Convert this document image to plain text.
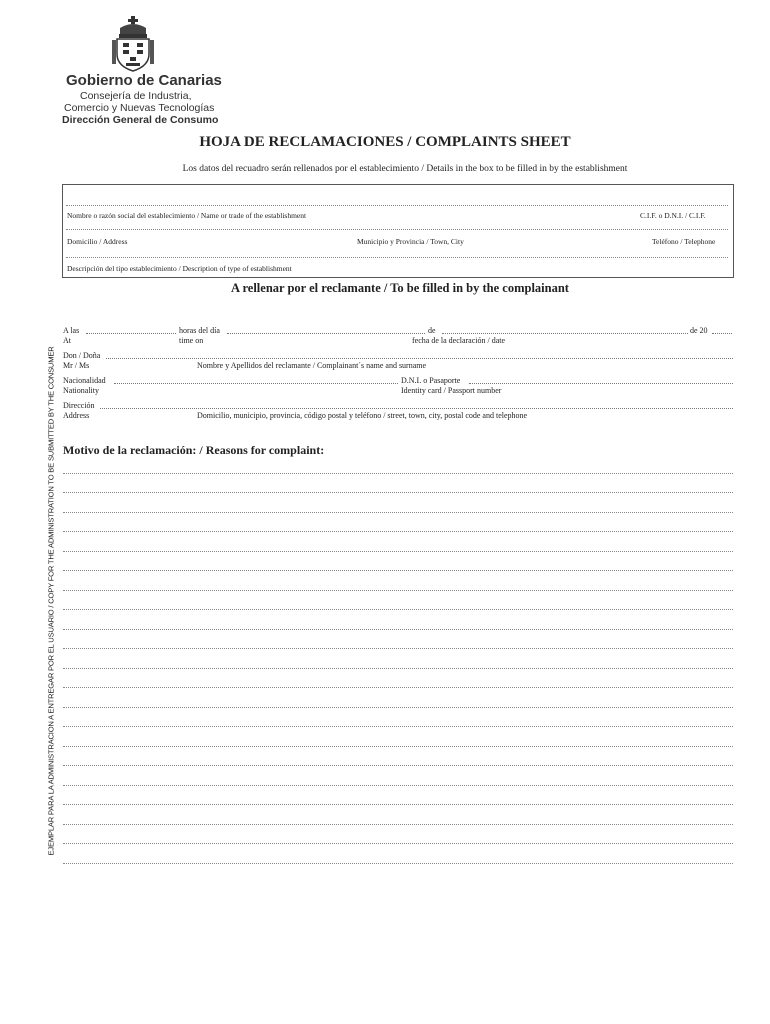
Gobierno de Canarias
Consejería de Industria,
Comercio y Nuevas Tecnologías
Dirección General de Consumo
HOJA DE RECLAMACIONES / COMPLAINTS SHEET
Los datos del recuadro serán rellenados por el establecimiento / Details in the box to be filled in by the establishment
EJEMPLAR PARA LA ADMINISTRACION A ENTREGAR POR EL USUARIO / COPY FOR THE ADMINISTRATION TO BE SUBMITTED BY THE CONSUMER
Nombre o razón social del establecimiento / Name or trade of the establishment	C.I.F. o D.N.I. / C.I.F.
Domicilio / Address	Municipio y Provincia / Town, City	Teléfono / Telephone
Descripción del tipo establecimiento / Description of type of establishment
A rellenar por el reclamante / To be filled in by the complainant
A las	horas del día	de	de 20
At	time on	fecha de la declaración / date
Don / Doña
Mr / Ms	Nombre y Apellidos del reclamante / Complainant´s name and surname
Nacionalidad	D.N.I. o Pasaporte
Nationality	Identity card / Passport number
Dirección
Address	Domicilio, municipio, provincia, código postal y teléfono / street, town, city, postal code and telephone
Motivo de la reclamación: / Reasons for complaint:
